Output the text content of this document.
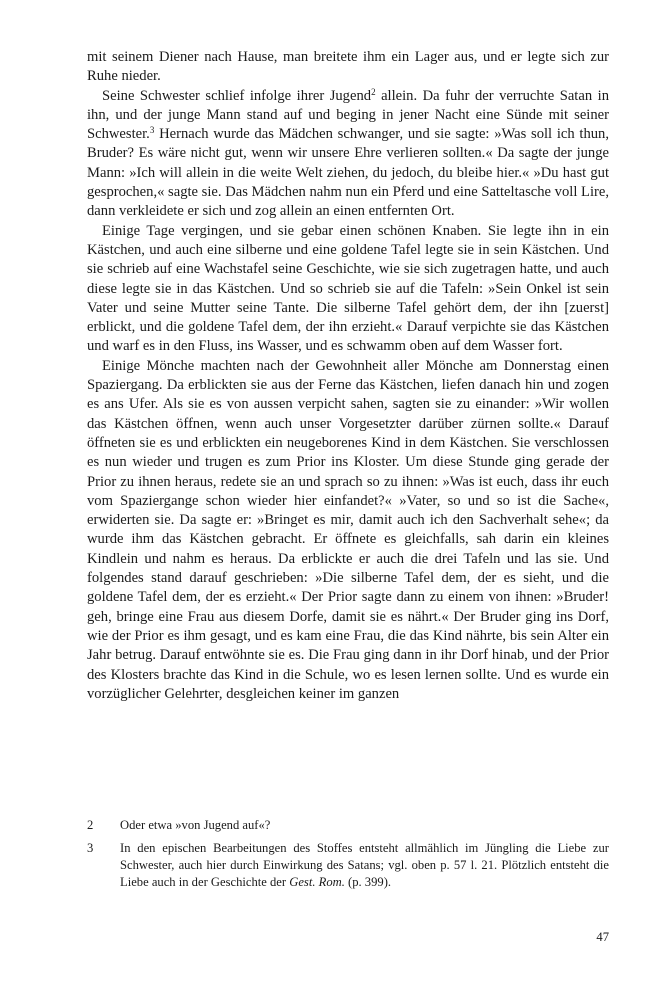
mit seinem Diener nach Hause, man breitete ihm ein Lager aus, und er legte sich zur Ruhe nieder.

Seine Schwester schlief infolge ihrer Jugend$^2$ allein. Da fuhr der verruchte Satan in ihn, und der junge Mann stand auf und beging in jener Nacht eine Sünde mit seiner Schwester.$^3$ Hernach wurde das Mädchen schwanger, und sie sagte: »Was soll ich thun, Bruder? Es wäre nicht gut, wenn wir unsere Ehre verlieren sollten.« Da sagte der junge Mann: »Ich will allein in die weite Welt ziehen, du jedoch, du bleibe hier.« »Du hast gut gesprochen,« sagte sie. Das Mädchen nahm nun ein Pferd und eine Satteltasche voll Lire, dann verkleidete er sich und zog allein an einen entfernten Ort.

Einige Tage vergingen, und sie gebar einen schönen Knaben. Sie legte ihn in ein Kästchen, und auch eine silberne und eine goldene Tafel legte sie in sein Kästchen. Und sie schrieb auf eine Wachstafel seine Geschichte, wie sie sich zugetragen hatte, und auch diese legte sie in das Kästchen. Und so schrieb sie auf die Tafeln: »Sein Onkel ist sein Vater und seine Mutter seine Tante. Die silberne Tafel gehört dem, der ihn [zuerst] erblickt, und die goldene Tafel dem, der ihn erzieht.« Darauf verpichte sie das Kästchen und warf es in den Fluss, ins Wasser, und es schwamm oben auf dem Wasser fort.

Einige Mönche machten nach der Gewohnheit aller Mönche am Donnerstag einen Spaziergang. Da erblickten sie aus der Ferne das Kästchen, liefen danach hin und zogen es ans Ufer. Als sie es von aussen verpicht sahen, sagten sie zu einander: »Wir wollen das Kästchen öffnen, wenn auch unser Vorgesetzter darüber zürnen sollte.« Darauf öffneten sie es und erblickten ein neugeborenes Kind in dem Kästchen. Sie verschlossen es nun wieder und trugen es zum Prior ins Kloster. Um diese Stunde ging gerade der Prior zu ihnen heraus, redete sie an und sprach so zu ihnen: »Was ist euch, dass ihr euch vom Spaziergange schon wieder hier einfandet?« »Vater, so und so ist die Sache«, erwiderten sie. Da sagte er: »Bringet es mir, damit auch ich den Sachverhalt sehe«; da wurde ihm das Kästchen gebracht. Er öffnete es gleichfalls, sah darin ein kleines Kindlein und nahm es heraus. Da erblickte er auch die drei Tafeln und las sie. Und folgendes stand darauf geschrieben: »Die silberne Tafel dem, der es sieht, und die goldene Tafel dem, der es erzieht.« Der Prior sagte dann zu einem von ihnen: »Bruder! geh, bringe eine Frau aus diesem Dorfe, damit sie es nährt.« Der Bruder ging ins Dorf, wie der Prior es ihm gesagt, und es kam eine Frau, die das Kind nährte, bis sein Alter ein Jahr betrug. Darauf entwöhnte sie es. Die Frau ging dann in ihr Dorf hinab, und der Prior des Klosters brachte das Kind in die Schule, wo es lesen lernen sollte. Und es wurde ein vorzüglicher Gelehrter, desgleichen keiner im ganzen

2	Oder etwa »von Jugend auf«?
3	In den epischen Bearbeitungen des Stoffes entsteht allmählich im Jüngling die Liebe zur Schwester, auch hier durch Einwirkung des Satans; vgl. oben p. 57 l. 21. Plötzlich entsteht die Liebe auch in der Geschichte der Gest. Rom. (p. 399).
47
